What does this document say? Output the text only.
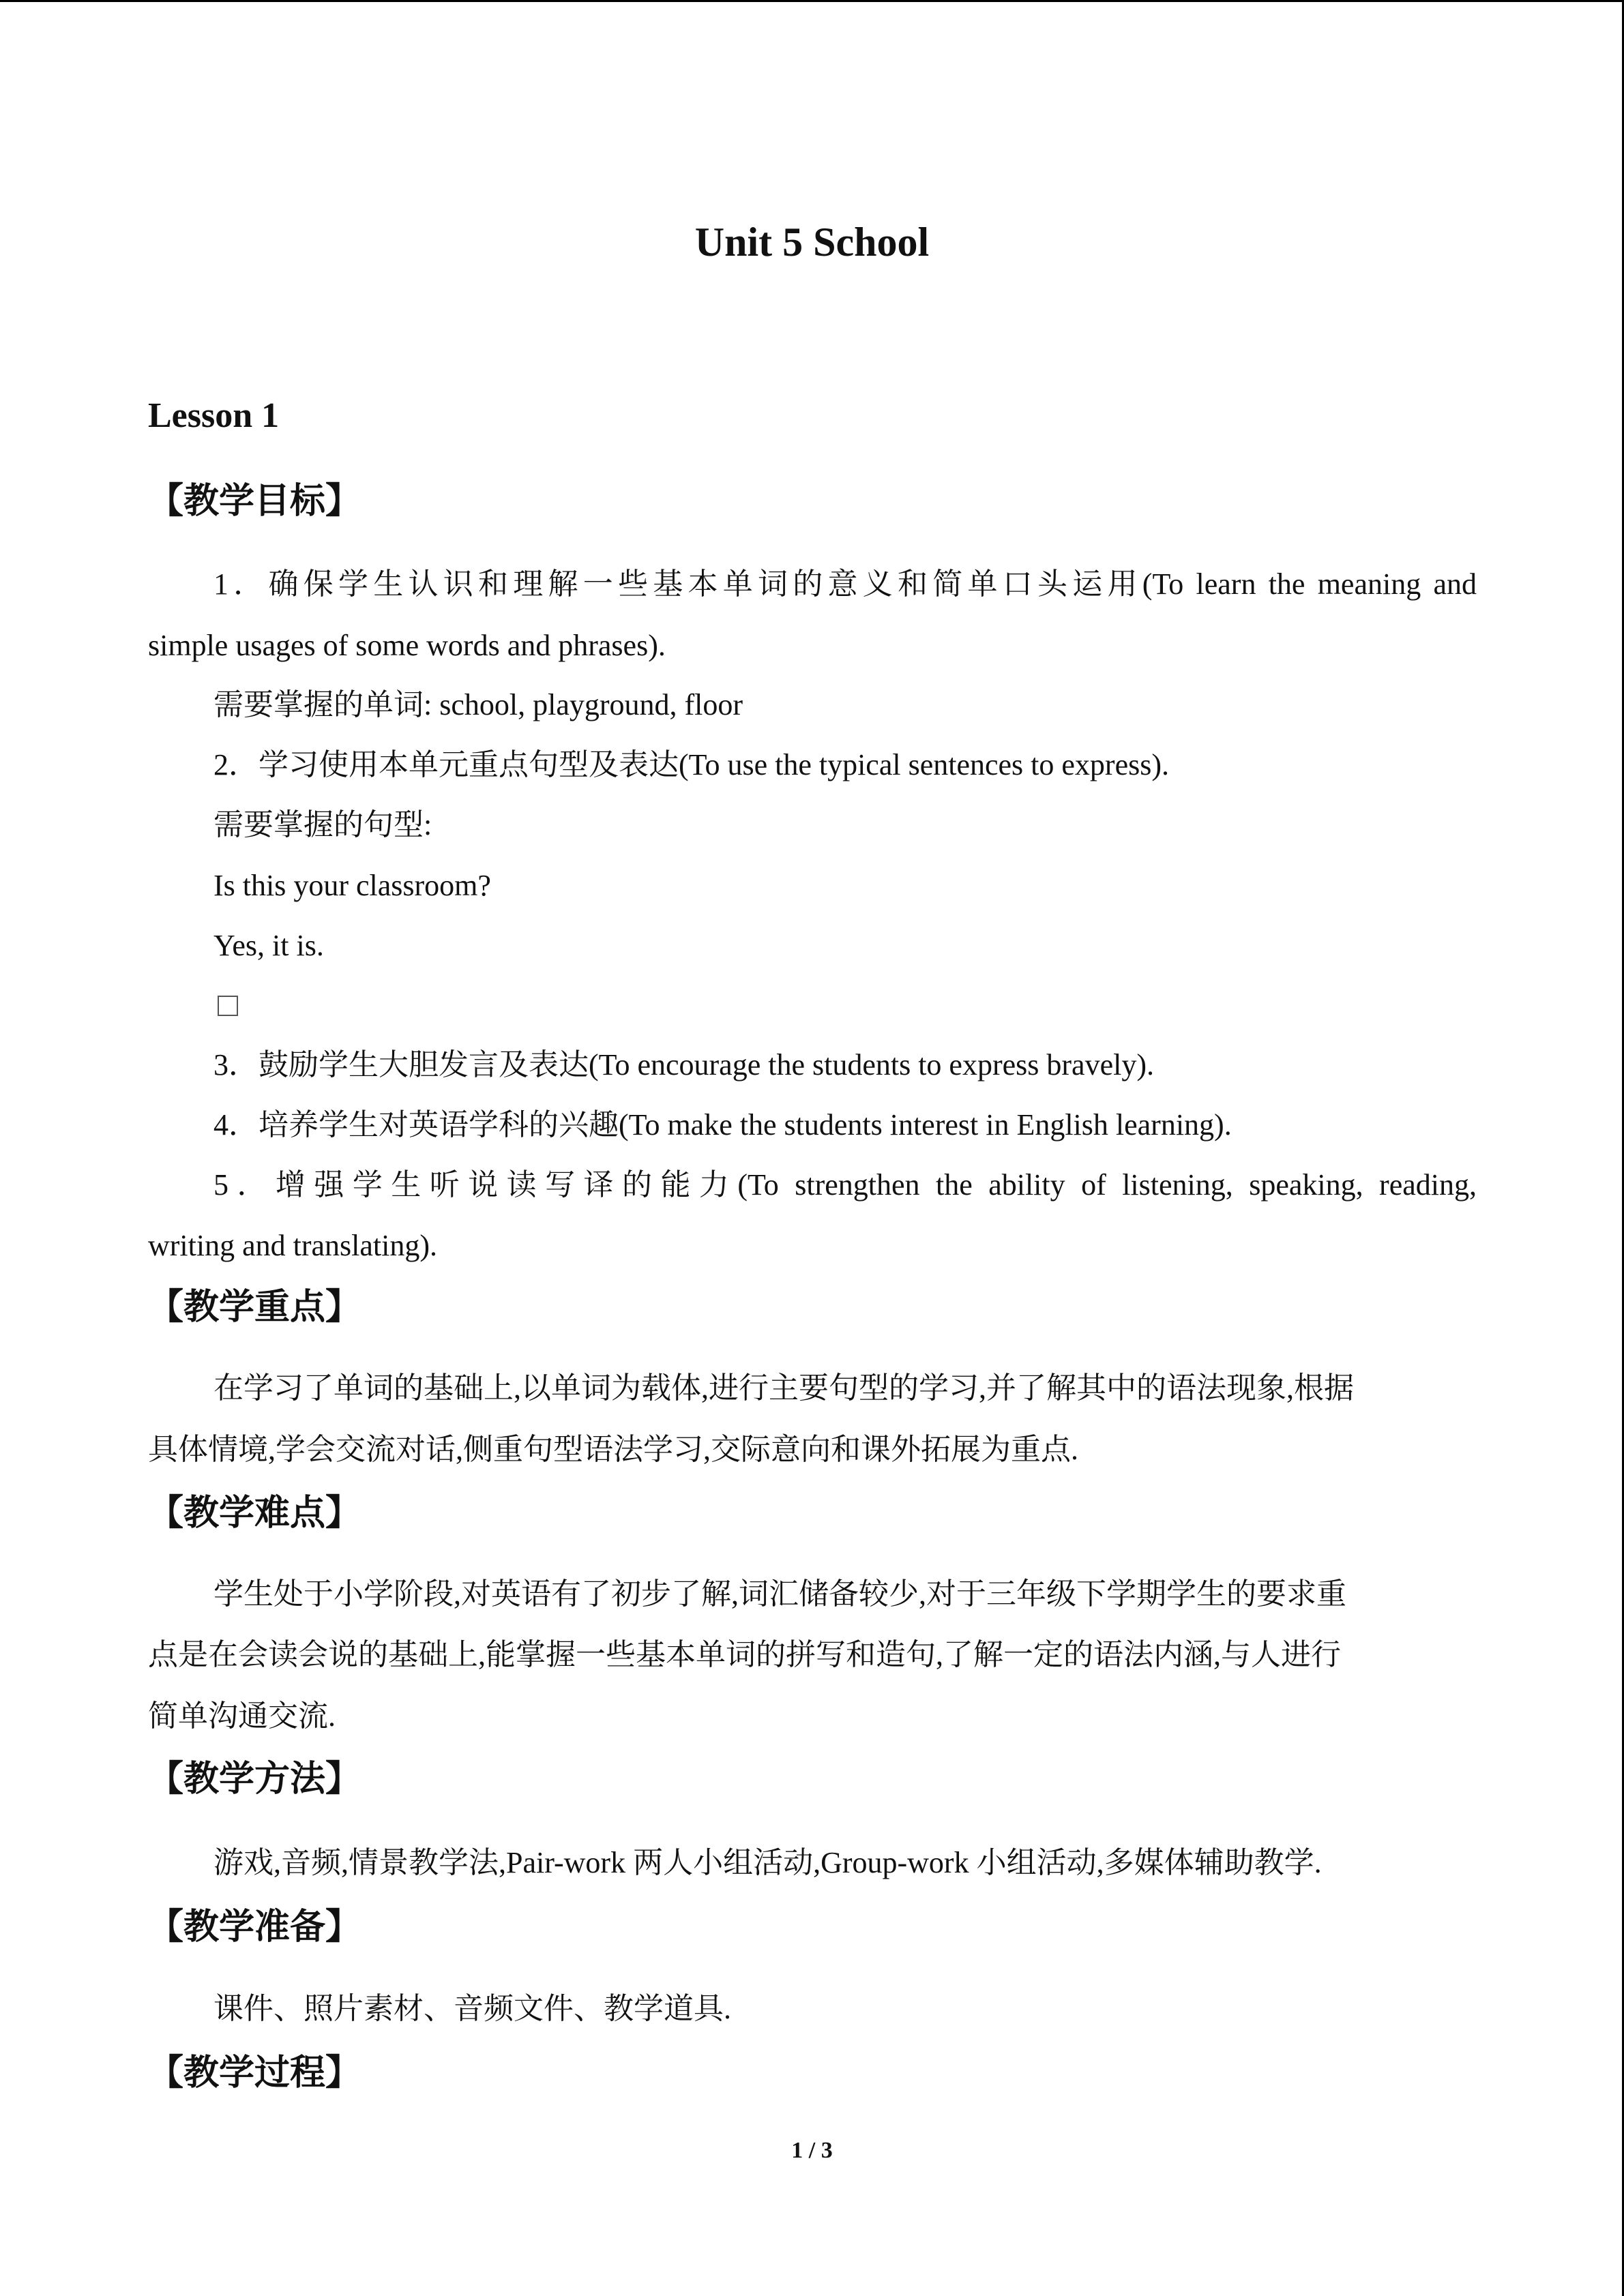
Unit 5 School
Lesson 1
【教学目标】
1．确保学生认识和理解一些基本单词的意义和简单口头运用(To learn the meaning and
simple usages of some words and phrases).
需要掌握的单词: school, playground, floor
2．学习使用本单元重点句型及表达(To use the typical sentences to express).
需要掌握的句型:
Is this your classroom?
Yes, it is.
3．鼓励学生大胆发言及表达(To encourage the students to express bravely).
4．培养学生对英语学科的兴趣(To make the students interest in English learning).
5．增强学生听说读写译的能力(To strengthen the ability of listening, speaking, reading,
writing and translating).
【教学重点】
在学习了单词的基础上,以单词为载体,进行主要句型的学习,并了解其中的语法现象,根据
具体情境,学会交流对话,侧重句型语法学习,交际意向和课外拓展为重点.
【教学难点】
学生处于小学阶段,对英语有了初步了解,词汇储备较少,对于三年级下学期学生的要求重
点是在会读会说的基础上,能掌握一些基本单词的拼写和造句,了解一定的语法内涵,与人进行
简单沟通交流.
【教学方法】
游戏,音频,情景教学法,Pair-work 两人小组活动,Group-work 小组活动,多媒体辅助教学.
【教学准备】
课件、照片素材、音频文件、教学道具.
【教学过程】
1 / 3
